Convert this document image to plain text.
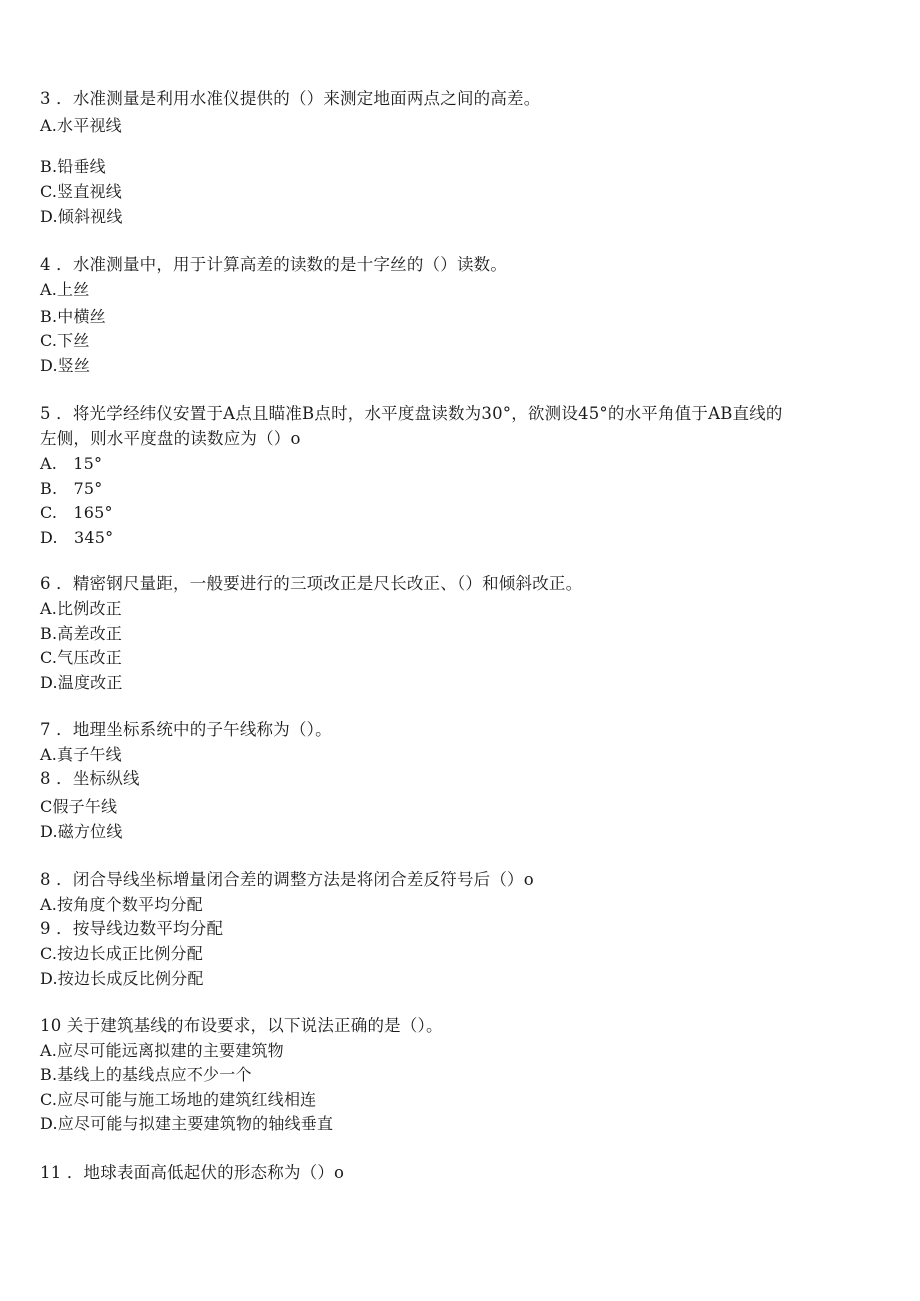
3 ．水准测量是利用水准仪提供的（）来测定地面两点之间的高差。
A.水平视线
B.铅垂线
C.竖直视线
D.倾斜视线
4 ．水准测量中，用于计算高差的读数的是十字丝的（）读数。
A.上丝
B.中横丝
C.下丝
D.竖丝
5 ．将光学经纬仪安置于A点且瞄准B点时，水平度盘读数为30°，欲测设45°的水平角值于AB直线的
左侧，则水平度盘的读数应为（）o
A.　15°
B.　75°
C.　165°
D.　345°
6 ．精密钢尺量距，一般要进行的三项改正是尺长改正、（）和倾斜改正。
A.比例改正
B.高差改正
C.气压改正
D.温度改正
7 ．地理坐标系统中的子午线称为（）。
A.真子午线
8 ．坐标纵线
C假子午线
D.磁方位线
8 ．闭合导线坐标增量闭合差的调整方法是将闭合差反符号后（）o
A.按角度个数平均分配
9 ．按导线边数平均分配
C.按边长成正比例分配
D.按边长成反比例分配
10 关于建筑基线的布设要求，以下说法正确的是（）。
A.应尽可能远离拟建的主要建筑物
B.基线上的基线点应不少一个
C.应尽可能与施工场地的建筑红线相连
D.应尽可能与拟建主要建筑物的轴线垂直
11 ．地球表面高低起伏的形态称为（）o
